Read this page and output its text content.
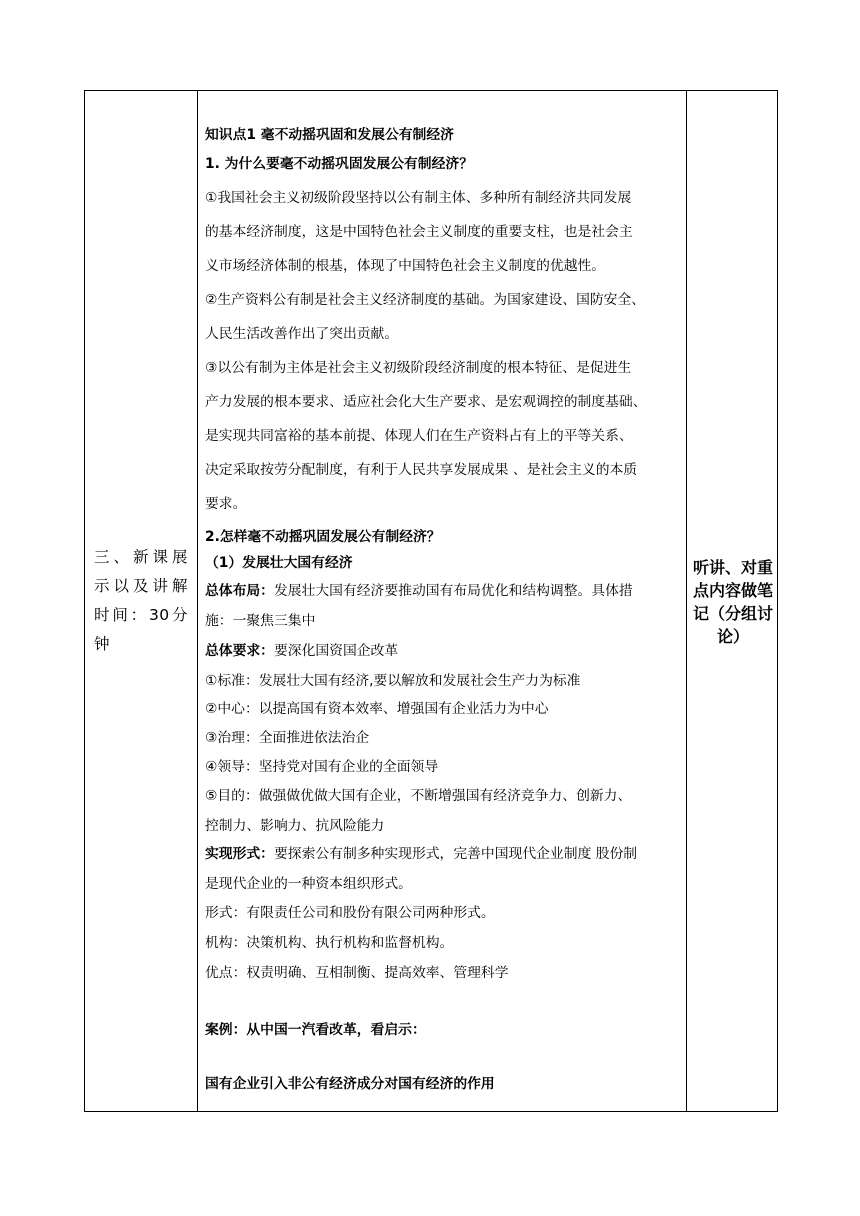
三、新课展示以及讲解时间：30分钟
知识点1 毫不动摇巩固和发展公有制经济
1. 为什么要毫不动摇巩固发展公有制经济？
①我国社会主义初级阶段坚持以公有制主体、多种所有制经济共同发展
的基本经济制度，这是中国特色社会主义制度的重要支柱，也是社会主
义市场经济体制的根基，体现了中国特色社会主义制度的优越性。
②生产资料公有制是社会主义经济制度的基础。为国家建设、国防安全、
人民生活改善作出了突出贡献。
③以公有制为主体是社会主义初级阶段经济制度的根本特征、是促进生
产力发展的根本要求、适应社会化大生产要求、是宏观调控的制度基础、
是实现共同富裕的基本前提、体现人们在生产资料占有上的平等关系、
决定采取按劳分配制度，有利于人民共享发展成果 、是社会主义的本质
要求。
2.怎样毫不动摇巩固发展公有制经济？
（1）发展壮大国有经济
总体布局：发展壮大国有经济要推动国有布局优化和结构调整。具体措
施：一聚焦三集中
总体要求：要深化国资国企改革
①标准：发展壮大国有经济,要以解放和发展社会生产力为标准
②中心：以提高国有资本效率、增强国有企业活力为中心
③治理：全面推进依法治企
④领导：坚持党对国有企业的全面领导
⑤目的：做强做优做大国有企业，不断增强国有经济竞争力、创新力、
控制力、影响力、抗风险能力
实现形式：要探索公有制多种实现形式，完善中国现代企业制度 股份制
是现代企业的一种资本组织形式。
形式：有限责任公司和股份有限公司两种形式。
机构：决策机构、执行机构和监督机构。
优点：权责明确、互相制衡、提高效率、管理科学
案例：从中国一汽看改革，看启示：
国有企业引入非公有经济成分对国有经济的作用
听讲、对重点内容做笔记（分组讨论）
